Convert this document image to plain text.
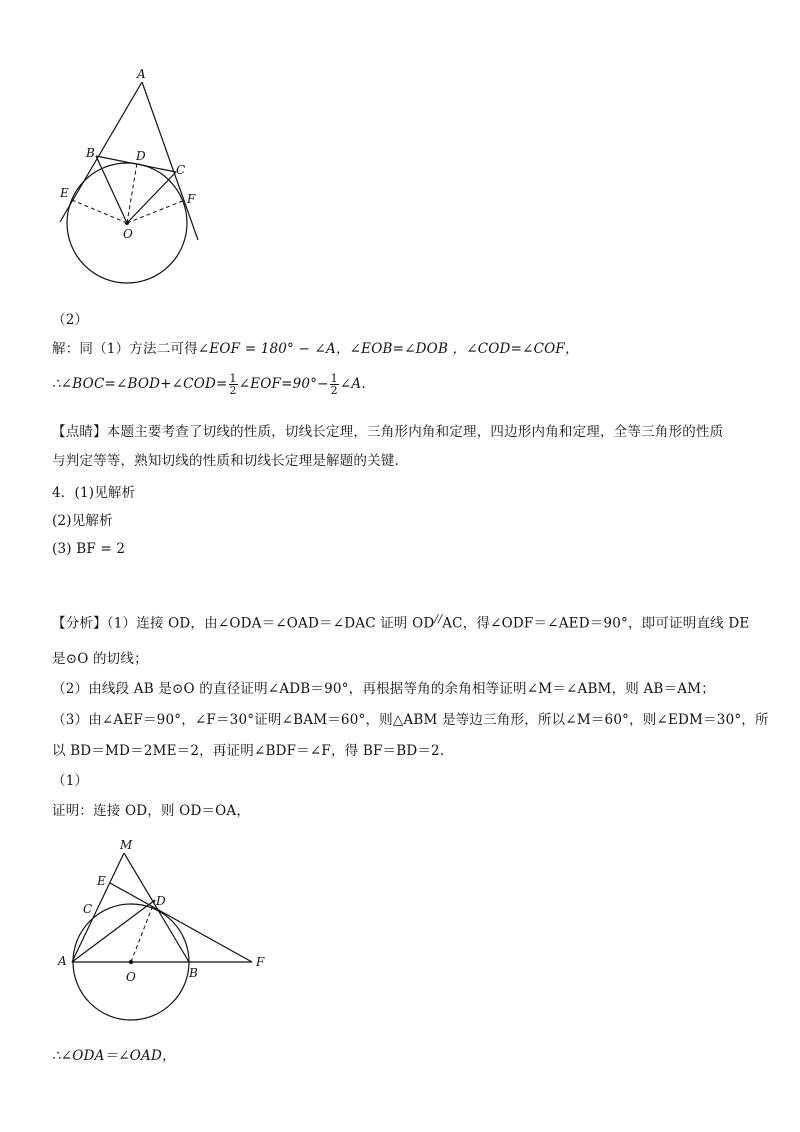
A
B	D
C
E	F
O
（2）
解：同（1）方法二可得∠EOF = 180° − ∠A，∠EOB=∠DOB ，∠COD=∠COF，
∴∠BOC=∠BOD+∠COD= $\frac{1}{2}$ ∠EOF=90°− $\frac{1}{2}$ ∠A.
【点睛】本题主要考查了切线的性质，切线长定理，三角形内角和定理，四边形内角和定理，全等三角形的性质
与判定等等，熟知切线的性质和切线长定理是解题的关键.
4．(1)见解析
(2)见解析
(3) BF = 2
【分析】（1）连接 OD，由∠ODA＝∠OAD＝∠DAC 证明 OD//AC，得∠ODF＝∠AED＝90°，即可证明直线 DE
是⊙O 的切线；
（2）由线段 AB 是⊙O 的直径证明∠ADB＝90°，再根据等角的余角相等证明∠M＝∠ABM，则 AB＝AM；
（3）由∠AEF＝90°，∠F＝30°证明∠BAM＝60°，则△ABM 是等边三角形，所以∠M＝60°，则∠EDM＝30°，所
以 BD＝MD＝2ME＝2，再证明∠BDF＝∠F，得 BF＝BD＝2.
（1）
证明：连接 OD，则 OD＝OA，
M
E
C
D
A
O	B
F
∴∠ODA＝∠OAD，
